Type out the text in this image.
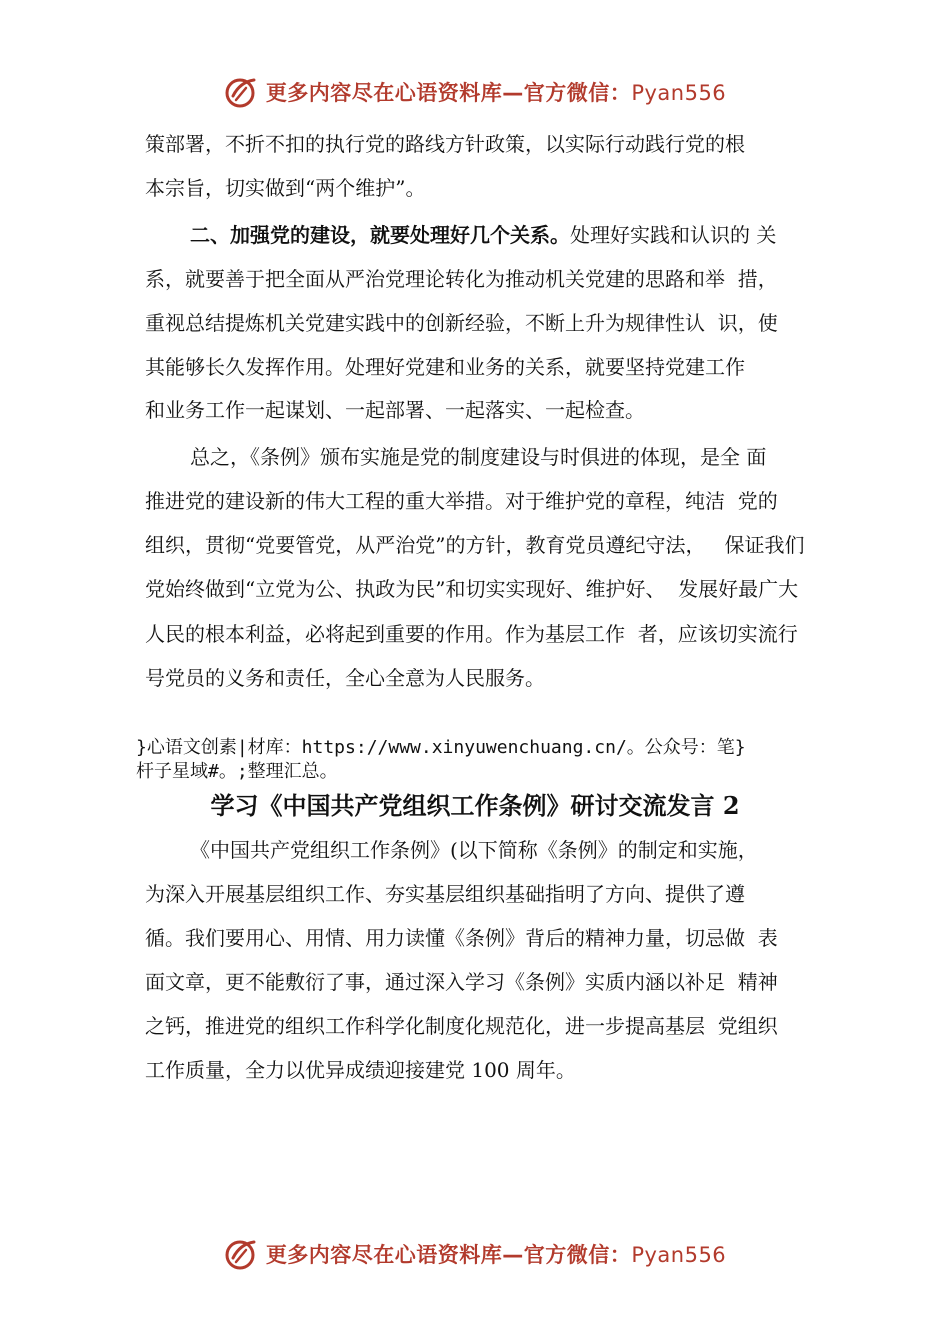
更多内容尽在心语资料库—官方微信：Pyan556
策部署，不折不扣的执行党的路线方针政策，以实际行动践行党的根
本宗旨，切实做到“两个维护”。
二、加强党的建设，就要处理好几个关系。处理好实践和认识的 关
系，就要善于把全面从严治党理论转化为推动机关党建的思路和举  措，
重视总结提炼机关党建实践中的创新经验，不断上升为规律性认  识，使
其能够长久发挥作用。处理好党建和业务的关系，就要坚持党建工作
和业务工作一起谋划、一起部署、一起落实、一起检查。
总之，《条例》颁布实施是党的制度建设与时俱进的体现，是全 面
推进党的建设新的伟大工程的重大举措。对于维护党的章程，纯洁  党的
组织，贯彻“党要管党，从严治党”的方针，教育党员遵纪守法，   保证我们
党始终做到“立党为公、执政为民”和切实实现好、维护好、  发展好最广大
人民的根本利益，必将起到重要的作用。作为基层工作  者，应该切实流行
号党员的义务和责任，全心全意为人民服务。
}心语文创素|材库：https://www.xinyuwenchuang.cn/。公众号：笔}
杆子星域#。;整理汇总。
学习《中国共产党组织工作条例》研讨交流发言 2
《中国共产党组织工作条例》(以下简称《条例》的制定和实施，
为深入开展基层组织工作、夯实基层组织基础指明了方向、提供了遵
循。我们要用心、用情、用力读懂《条例》背后的精神力量，切忌做  表
面文章，更不能敷衍了事，通过深入学习《条例》实质内涵以补足  精神
之钙，推进党的组织工作科学化制度化规范化，进一步提高基层  党组织
工作质量，全力以优异成绩迎接建党 100 周年。
更多内容尽在心语资料库—官方微信：Pyan556
